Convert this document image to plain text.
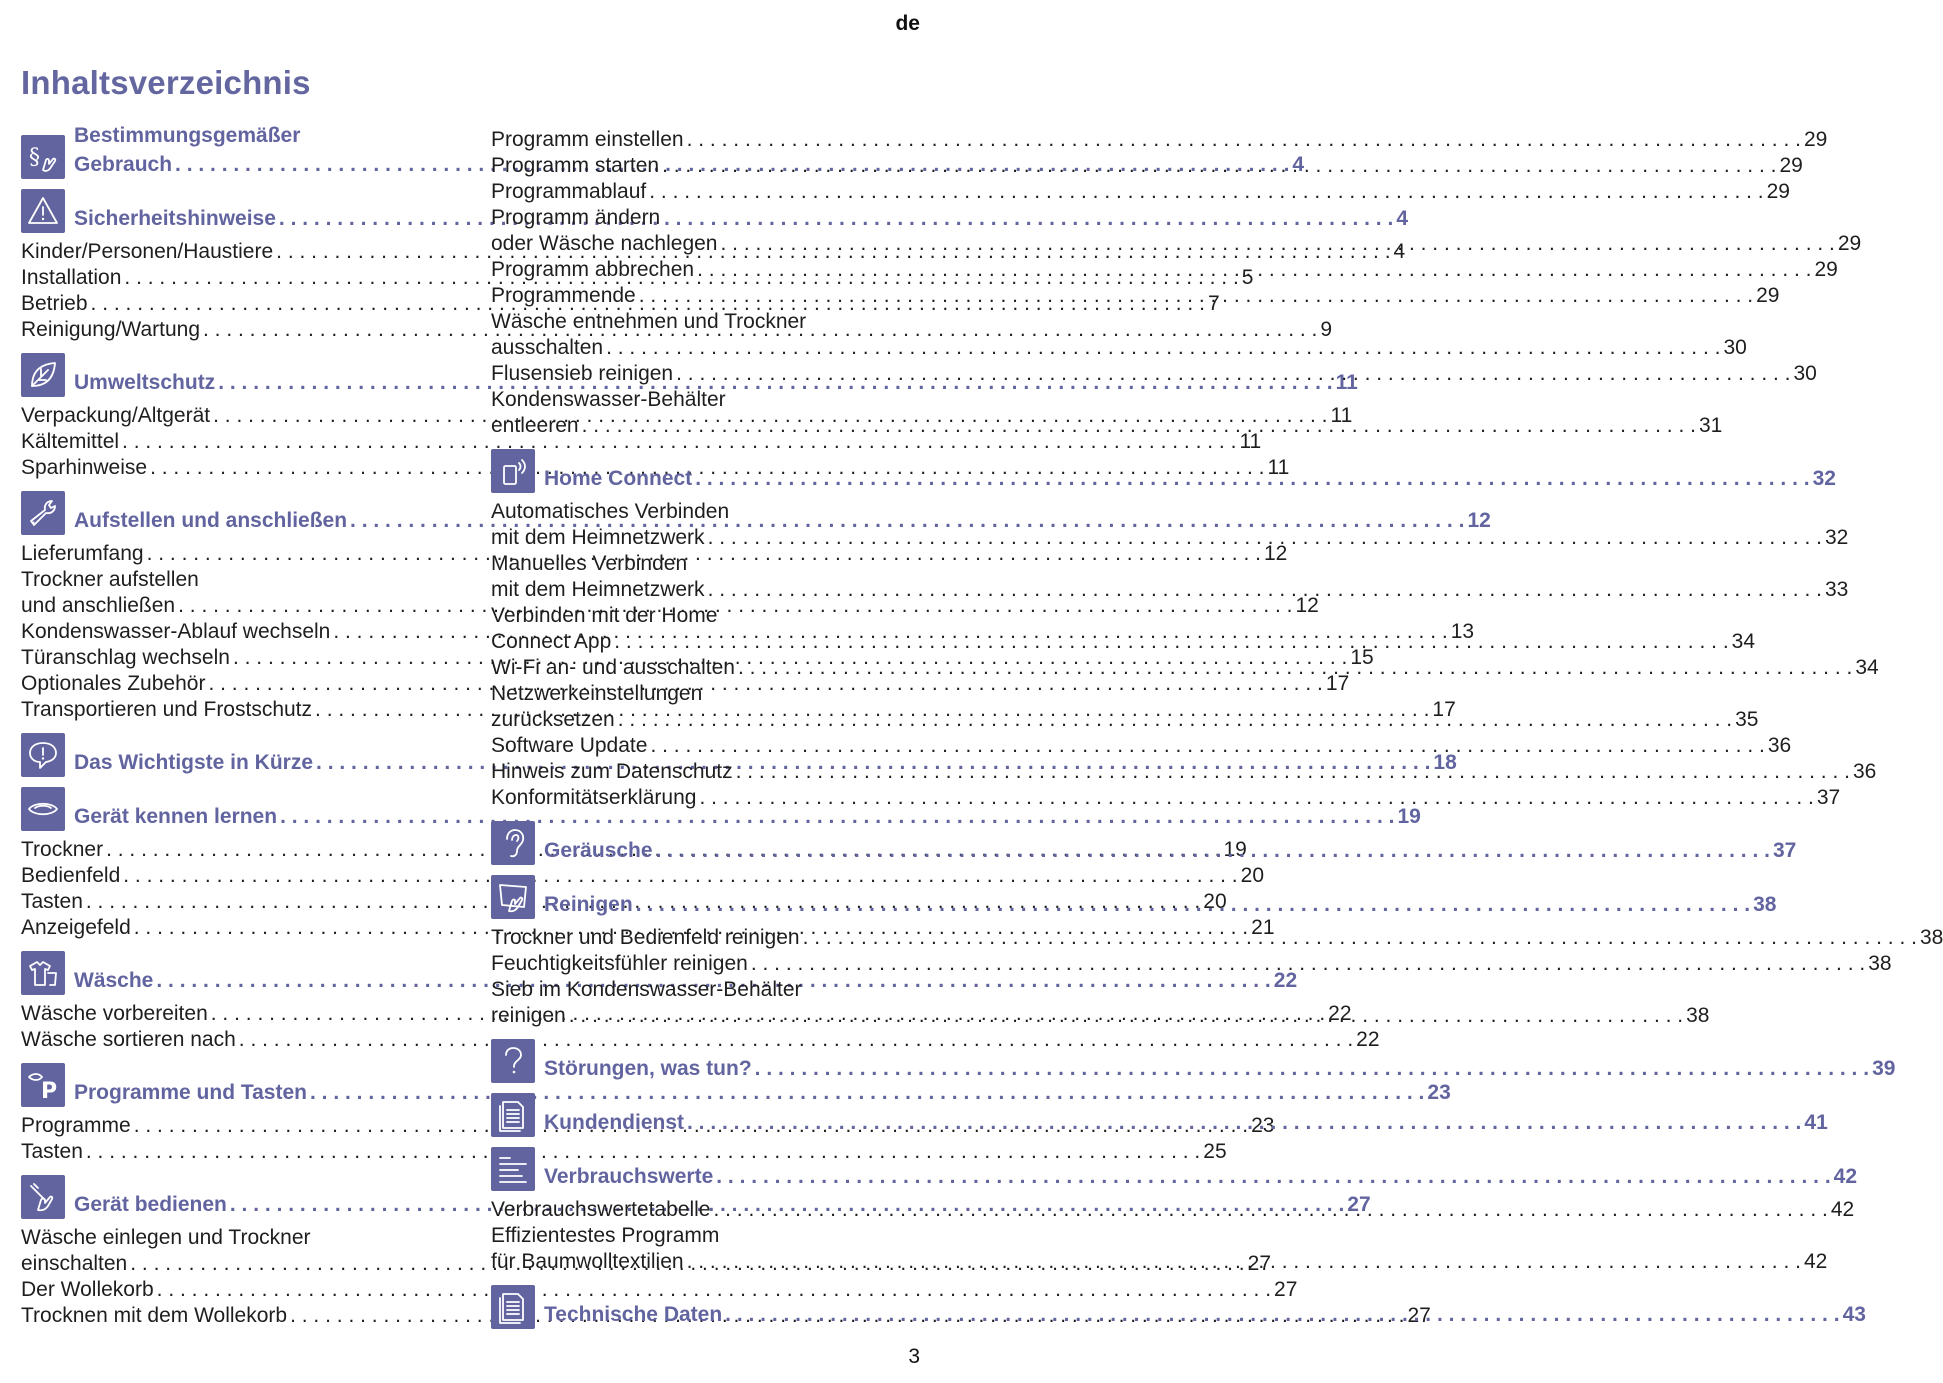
de
Inhaltsverzeichnis
§
Bestimmungsgemäßer
Gebrauch . . .	4
Sicherheitshinweise . . .	4
Kinder/Personen/Haustiere . . .	4
Installation . . .	5
Betrieb . . .	7
Reinigung/Wartung . . .	9
Umweltschutz . . .	11
Verpackung/Altgerät . . .	11
Kältemittel . . .	11
Sparhinweise . . .	11
Aufstellen und anschließen . . .	12
Lieferumfang . . .	12
Trockner aufstellen
und anschließen . . .	12
Kondenswasser-Ablauf wechseln . . .	13
Türanschlag wechseln . . .	15
Optionales Zubehör . . .	17
Transportieren und Frostschutz . . .	17
Das Wichtigste in Kürze . . .	18
Gerät kennen lernen . . .	19
Trockner . . .	19
Bedienfeld . . .	20
Tasten . . .	20
Anzeigefeld . . .	21
Wäsche . . .	22
Wäsche vorbereiten . . .	22
Wäsche sortieren nach . . .	22
P Programme und Tasten . . .	23
Programme . . .	23
Tasten . . .	25
Gerät bedienen . . .	27
Wäsche einlegen und Trockner
einschalten . . .	27
Der Wollekorb . . .	27
Trocknen mit dem Wollekorb . . .	27
Programm einstellen . . .	29
Programm starten . . .	29
Programmablauf . . .	29
Programm ändern
oder Wäsche nachlegen . . .	29
Programm abbrechen . . .	29
Programmende . . .	29
Wäsche entnehmen und Trockner
ausschalten . . .	30
Flusensieb reinigen . . .	30
Kondenswasser-Behälter
entleeren . . .	31
Home Connect . . .	32
Automatisches Verbinden
mit dem Heimnetzwerk . . .	32
Manuelles Verbinden
mit dem Heimnetzwerk . . .	33
Verbinden mit der Home
Connect App . . .	34
Wi-Fi an- und ausschalten . . .	34
Netzwerkeinstellungen
zurücksetzen . . .	35
Software Update . . .	36
Hinweis zum Datenschutz . . .	36
Konformitätserklärung . . .	37
Geräusche . . .	37
Reinigen . . .	38
Trockner und Bedienfeld reinigen . . .	38
Feuchtigkeitsfühler reinigen . . .	38
Sieb im Kondenswasser-Behälter
reinigen . . .	38
Störungen, was tun? . . .	39
Kundendienst . . .	41
Verbrauchswerte . . .	42
Verbrauchswertetabelle . . .	42
Effizientestes Programm
für Baumwolltextilien . . .	42
Technische Daten . . .	43
3
